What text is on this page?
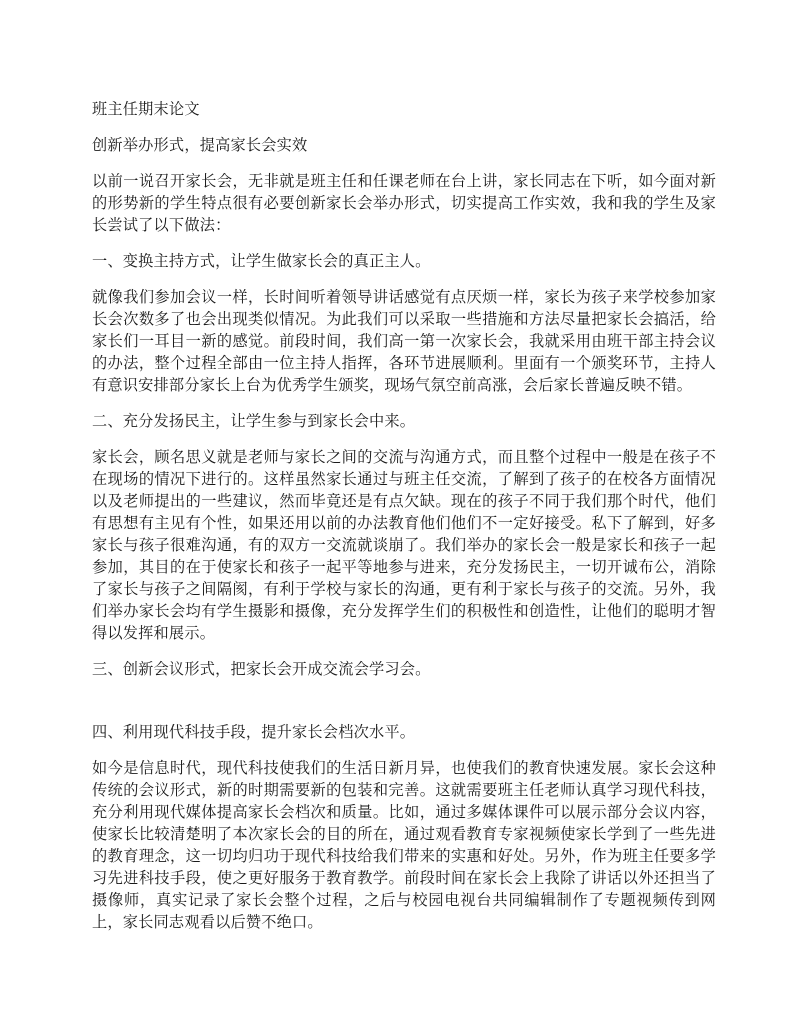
班主任期末论文

创新举办形式，提高家长会实效

以前一说召开家长会，无非就是班主任和任课老师在台上讲，家长同志在下听，如今面对新的形势新的学生特点很有必要创新家长会举办形式，切实提高工作实效，我和我的学生及家长尝试了以下做法：

一、变换主持方式，让学生做家长会的真正主人。

就像我们参加会议一样，长时间听着领导讲话感觉有点厌烦一样，家长为孩子来学校参加家长会次数多了也会出现类似情况。为此我们可以采取一些措施和方法尽量把家长会搞活，给家长们一耳目一新的感觉。前段时间，我们高一第一次家长会，我就采用由班干部主持会议的办法，整个过程全部由一位主持人指挥，各环节进展顺利。里面有一个颁奖环节，主持人有意识安排部分家长上台为优秀学生颁奖，现场气氛空前高涨，会后家长普遍反映不错。

二、充分发扬民主，让学生参与到家长会中来。

家长会，顾名思义就是老师与家长之间的交流与沟通方式，而且整个过程中一般是在孩子不在现场的情况下进行的。这样虽然家长通过与班主任交流，了解到了孩子的在校各方面情况以及老师提出的一些建议，然而毕竟还是有点欠缺。现在的孩子不同于我们那个时代，他们有思想有主见有个性，如果还用以前的办法教育他们他们不一定好接受。私下了解到，好多家长与孩子很难沟通，有的双方一交流就谈崩了。我们举办的家长会一般是家长和孩子一起参加，其目的在于使家长和孩子一起平等地参与进来，充分发扬民主，一切开诚布公，消除了家长与孩子之间隔阂，有利于学校与家长的沟通，更有利于家长与孩子的交流。另外，我们举办家长会均有学生摄影和摄像，充分发挥学生们的积极性和创造性，让他们的聪明才智得以发挥和展示。

三、创新会议形式，把家长会开成交流会学习会。

四、利用现代科技手段，提升家长会档次水平。

如今是信息时代，现代科技使我们的生活日新月异，也使我们的教育快速发展。家长会这种传统的会议形式，新的时期需要新的包装和完善。这就需要班主任老师认真学习现代科技，充分利用现代媒体提高家长会档次和质量。比如，通过多媒体课件可以展示部分会议内容，使家长比较清楚明了本次家长会的目的所在，通过观看教育专家视频使家长学到了一些先进的教育理念，这一切均归功于现代科技给我们带来的实惠和好处。另外，作为班主任要多学习先进科技手段，使之更好服务于教育教学。前段时间在家长会上我除了讲话以外还担当了摄像师，真实记录了家长会整个过程，之后与校园电视台共同编辑制作了专题视频传到网上，家长同志观看以后赞不绝口。
